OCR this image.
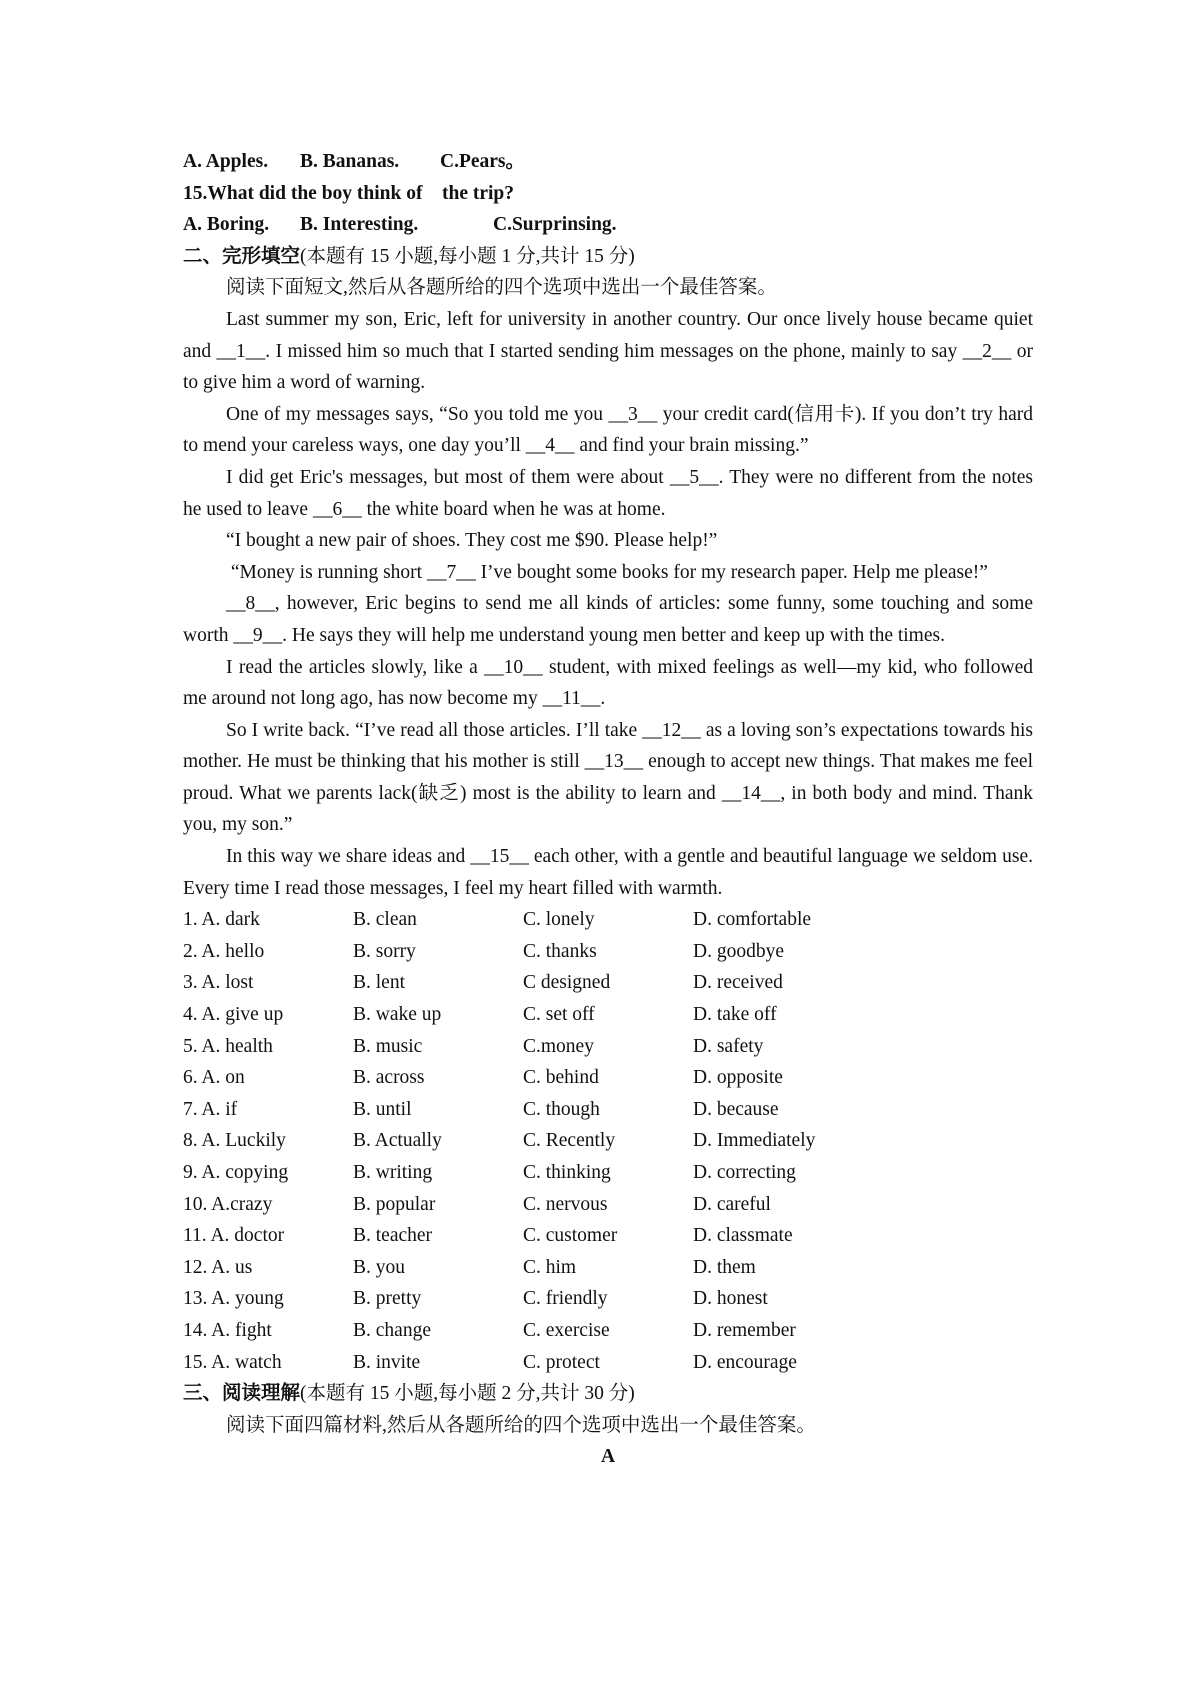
A. Apples. B. Bananas. C.Pears。
15.What did the boy think of    the trip?
A. Boring. B. Interesting.	C.Surprinsing.
二、完形填空(本题有 15 小题,每小题 1 分,共计 15 分)
阅读下面短文,然后从各题所给的四个选项中选出一个最佳答案。
Last summer my son, Eric, left for university in another country. Our once lively house became quiet and __1__. I missed him so much that I started sending him messages on the phone, mainly to say __2__ or to give him a word of warning.
One of my messages says, “So you told me you __3__ your credit card(信用卡). If you don’t try hard to mend your careless ways, one day you’ll __4__ and find your brain missing.”
I did get Eric's messages, but most of them were about __5__. They were no different from the notes he used to leave __6__ the white board when he was at home.
“I bought a new pair of shoes. They cost me $90. Please help!”
“Money is running short __7__ I’ve bought some books for my research paper. Help me please!”
__8__, however, Eric begins to send me all kinds of articles: some funny, some touching and some worth __9__. He says they will help me understand young men better and keep up with the times.
I read the articles slowly, like a __10__ student, with mixed feelings as well—my kid, who followed me around not long ago, has now become my __11__.
So I write back. “I’ve read all those articles. I’ll take __12__ as a loving son’s expectations towards his mother. He must be thinking that his mother is still __13__ enough to accept new things. That makes me feel proud. What we parents lack(缺乏) most is the ability to learn and __14__, in both body and mind. Thank you, my son.”
In this way we share ideas and __15__ each other, with a gentle and beautiful language we seldom use. Every time I read those messages, I feel my heart filled with warmth.
1. A. dark	B. clean	C. lonely	D. comfortable
2. A. hello	B. sorry	C. thanks	D. goodbye
3. A. lost	B. lent	C designed	D. received
4. A. give up	B. wake up	C. set off	D. take off
5. A. health	B. music	C.money	D. safety
6. A. on	B. across	C. behind	D. opposite
7. A. if	B. until	C. though	D. because
8. A. Luckily	B. Actually	C. Recently	D. Immediately
9. A. copying	B. writing	C. thinking	D. correcting
10. A.crazy	B. popular	C. nervous	D. careful
11. A. doctor	B. teacher	C. customer	D. classmate
12. A. us	B. you	C. him	D. them
13. A. young	B. pretty	C. friendly	D. honest
14. A. fight	B. change	C. exercise	D. remember
15. A. watch	B. invite	C. protect	D. encourage
三、阅读理解(本题有 15 小题,每小题 2 分,共计 30 分)
阅读下面四篇材料,然后从各题所给的四个选项中选出一个最佳答案。
A
